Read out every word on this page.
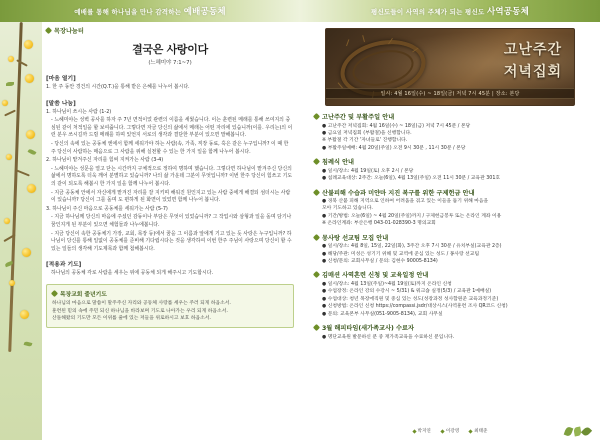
예배를 통해 하나님을 만나 감격하는 예배공동체
목장나눔터
결국은 사랑이다
(느헤미야 7:1~7)
[마음 열기]

1. 한 주 동안 경건의 시간(Q.T.)을 통해 받은 은혜를 나누어 봅시다.

[말씀 나눔]

1. 하나님이 쓰시는 사람 (1-2)

- 느헤미야는 성벽 공사를 하자 주 7년 면적이었 관련의 이름을 세웠습니다. 이는 훈련된 메래를 통해 쓰여지의 중심된 같이 처적일을 할 보여줍니다. 그렇다면 자금 당신의 삶에서 메래는 어떤 자리에 있습니까(이를. 우리는)의 이런 분우 쓰시길까 드릴 메래를 하며 있언지 서로의 생각과 결단한 부분이 있으면 말해봅니다.

- 당신의 속에 있는 공동체 엔에서 함께 세워가야 하는 사람(속, 가족, 직장 동료, 혹은 같은 누구입니까? 이 때 한 주 당신이 사람하는 매음으로 그 사람을 위해 실천할 수 있는 한 가지 일을 함께 나누어 봅시다.

2. 하나님이 맡겨주신 자리를 힘써 지켜가는 사람 (3-4)

- 느헤미야는 성문을 열고 닫는 시간까지 구체적으로 정하여 명하며 했습니다. 그렇다면 하나님이 맡겨주신 당신의 삶에서 명하도록 더욱 깨어 분별하고 있습니까? 나의 삶 가운데 그분이 무엇입니까? 이번 한주 당신이 힘쓰고 기도의 같이 되도록 해봅시 한 가지 일을 함께 나누어 봅시다.

- 지금 공동체 안에서 자신에게 맡겨진 자리를 잘 지키며 해워진 원인지고 있는 사람 중에게 해결되 섬더시는 사람이 있습니까? 당신이 그를 돌며 도 편하게 된 화면이 있었면 함께 나누어 봅니다.

3. 하나님이 주신 마음으로 공동체를 세워가는 사람 (5-7)

- 지금 하나님께 당신의 마음에 주셨던 감동이나 부담은 무엇이 있었습니까? 그 작업시와 삼형과 일을 돌며 담기나 꿈인지게 된 부분이 있으면 체험들과 나누에봅니다.

- 지금 당신이 속한 공동체기 가장, 교회, 목장 등)에서 꿈을 그 이름과 앞에게 기고 있는 듯 사랑은 누구입니까? 하나님이 당신를 통해 일없이 공동체를 준비해 기다립시다는 것을 생각하여 이번 한주 주님이 사랑으며 당신이 할 수 있는 일들의 생각해 기도제목과 함께 첨해봅시다.

[적용과 기도]

하나님의 공동체 각로 사람을 세우는 위에 공동체 되게 해주시고 기도합시다.

목장교회 줄년기도

하나님의 마음으로 말씀이 말주주신 자리와 공동체 사랑를 세우는 주러 되게 하옵소서.

훈련된 믿의 속에 주민 되신 하나님을 바라보며 기도로 나아가는 우리 되게 하옵소서.

산돌해왔의 기도만 모든 이위를 줄에 있는 저들을 위로하시고 보호 하옵소서.

평신도들이 사역의 주체가 되는 평신도 사역공동체
고난주간
저녁집회
일시: 4월 16일(수) ~ 18일(금) 저녁 7시 45분 | 장소: 본당
고난주간 및 부활주일 안내

● 고난주간 저녁집회: 4월 16일(수) ~ 18일(금) 저녁 7시 45분 / 본당

● 금요일 저녁집회 (부활절)을 신행합니다.

※ 부활절 각 기간 '자녀들로' 진행합니다.

● 부활주일예배: 4월 20일(주일) 오전 9시 30분 , 11시 30분 / 본당

침례식 안내

● 일시/장소: 4월 19일(토) 오후 2시 / 본당

● 침례교육대상: 2주간: 오늘(6일), 4월 13일(주일) 오전 11시 30분 / 교육관 301호

산불피해 수습과 미얀마 지진 복구를 위한 구제헌금 안내

● 경북 산불 피해 지역으로 인하여 어려움을 겪고 있는 이들을 돕기 위해 마음을

모아 기도하고 있습니다.

● 기간/방법: 오늘(6일) ~ 4월 20일(주일)까지 / 구제헌금봉투 또는 온라인 계좌 이용

※ 온라인계좌: 부산은행 043-01-028390-3 명의교회

몽사랑 선교팀 모집 안내

● 일시/장소: 4월 8일, 15일, 22일(화), 3주간 오후 7시 30분 / 유치부실(교육관 2층)

● 해당/주관: 미성은 성기기 위해 및 교역에 준심 있는 성도 / 몽사랑 선교팀

● 신청/문의: 교회사무실 / 문의: 김현수 90005-8134)

김매션 사역혼련 신청 및 교육일정 안내

● 일시/장소: 4월 13일(주일)~4월 19일(토)까지 온라인 신청

● 수업장정: 온라인 강의 수강시 ~ 5/31) & 워크숍 실정(5/3) / 교육관 1예배실)

● 수업대상: 청년 목장에직원 및 중심 있는 성도(성장과정 성사합원준 교육과정기준)

● 신청방법: 온라인 신청 https://compassi.jsdr/대상시스(사역훈련 조사 QR코드 신청)

● 문의: 교육본부 사무실(051-9005-8134), 교회 사무실

3월 해피타임(새가족교사) 수료자

● 명단교육원 발문하신 분 중 재가족교육을 수료하신 분입니다.

박지연	이강영	최태준
